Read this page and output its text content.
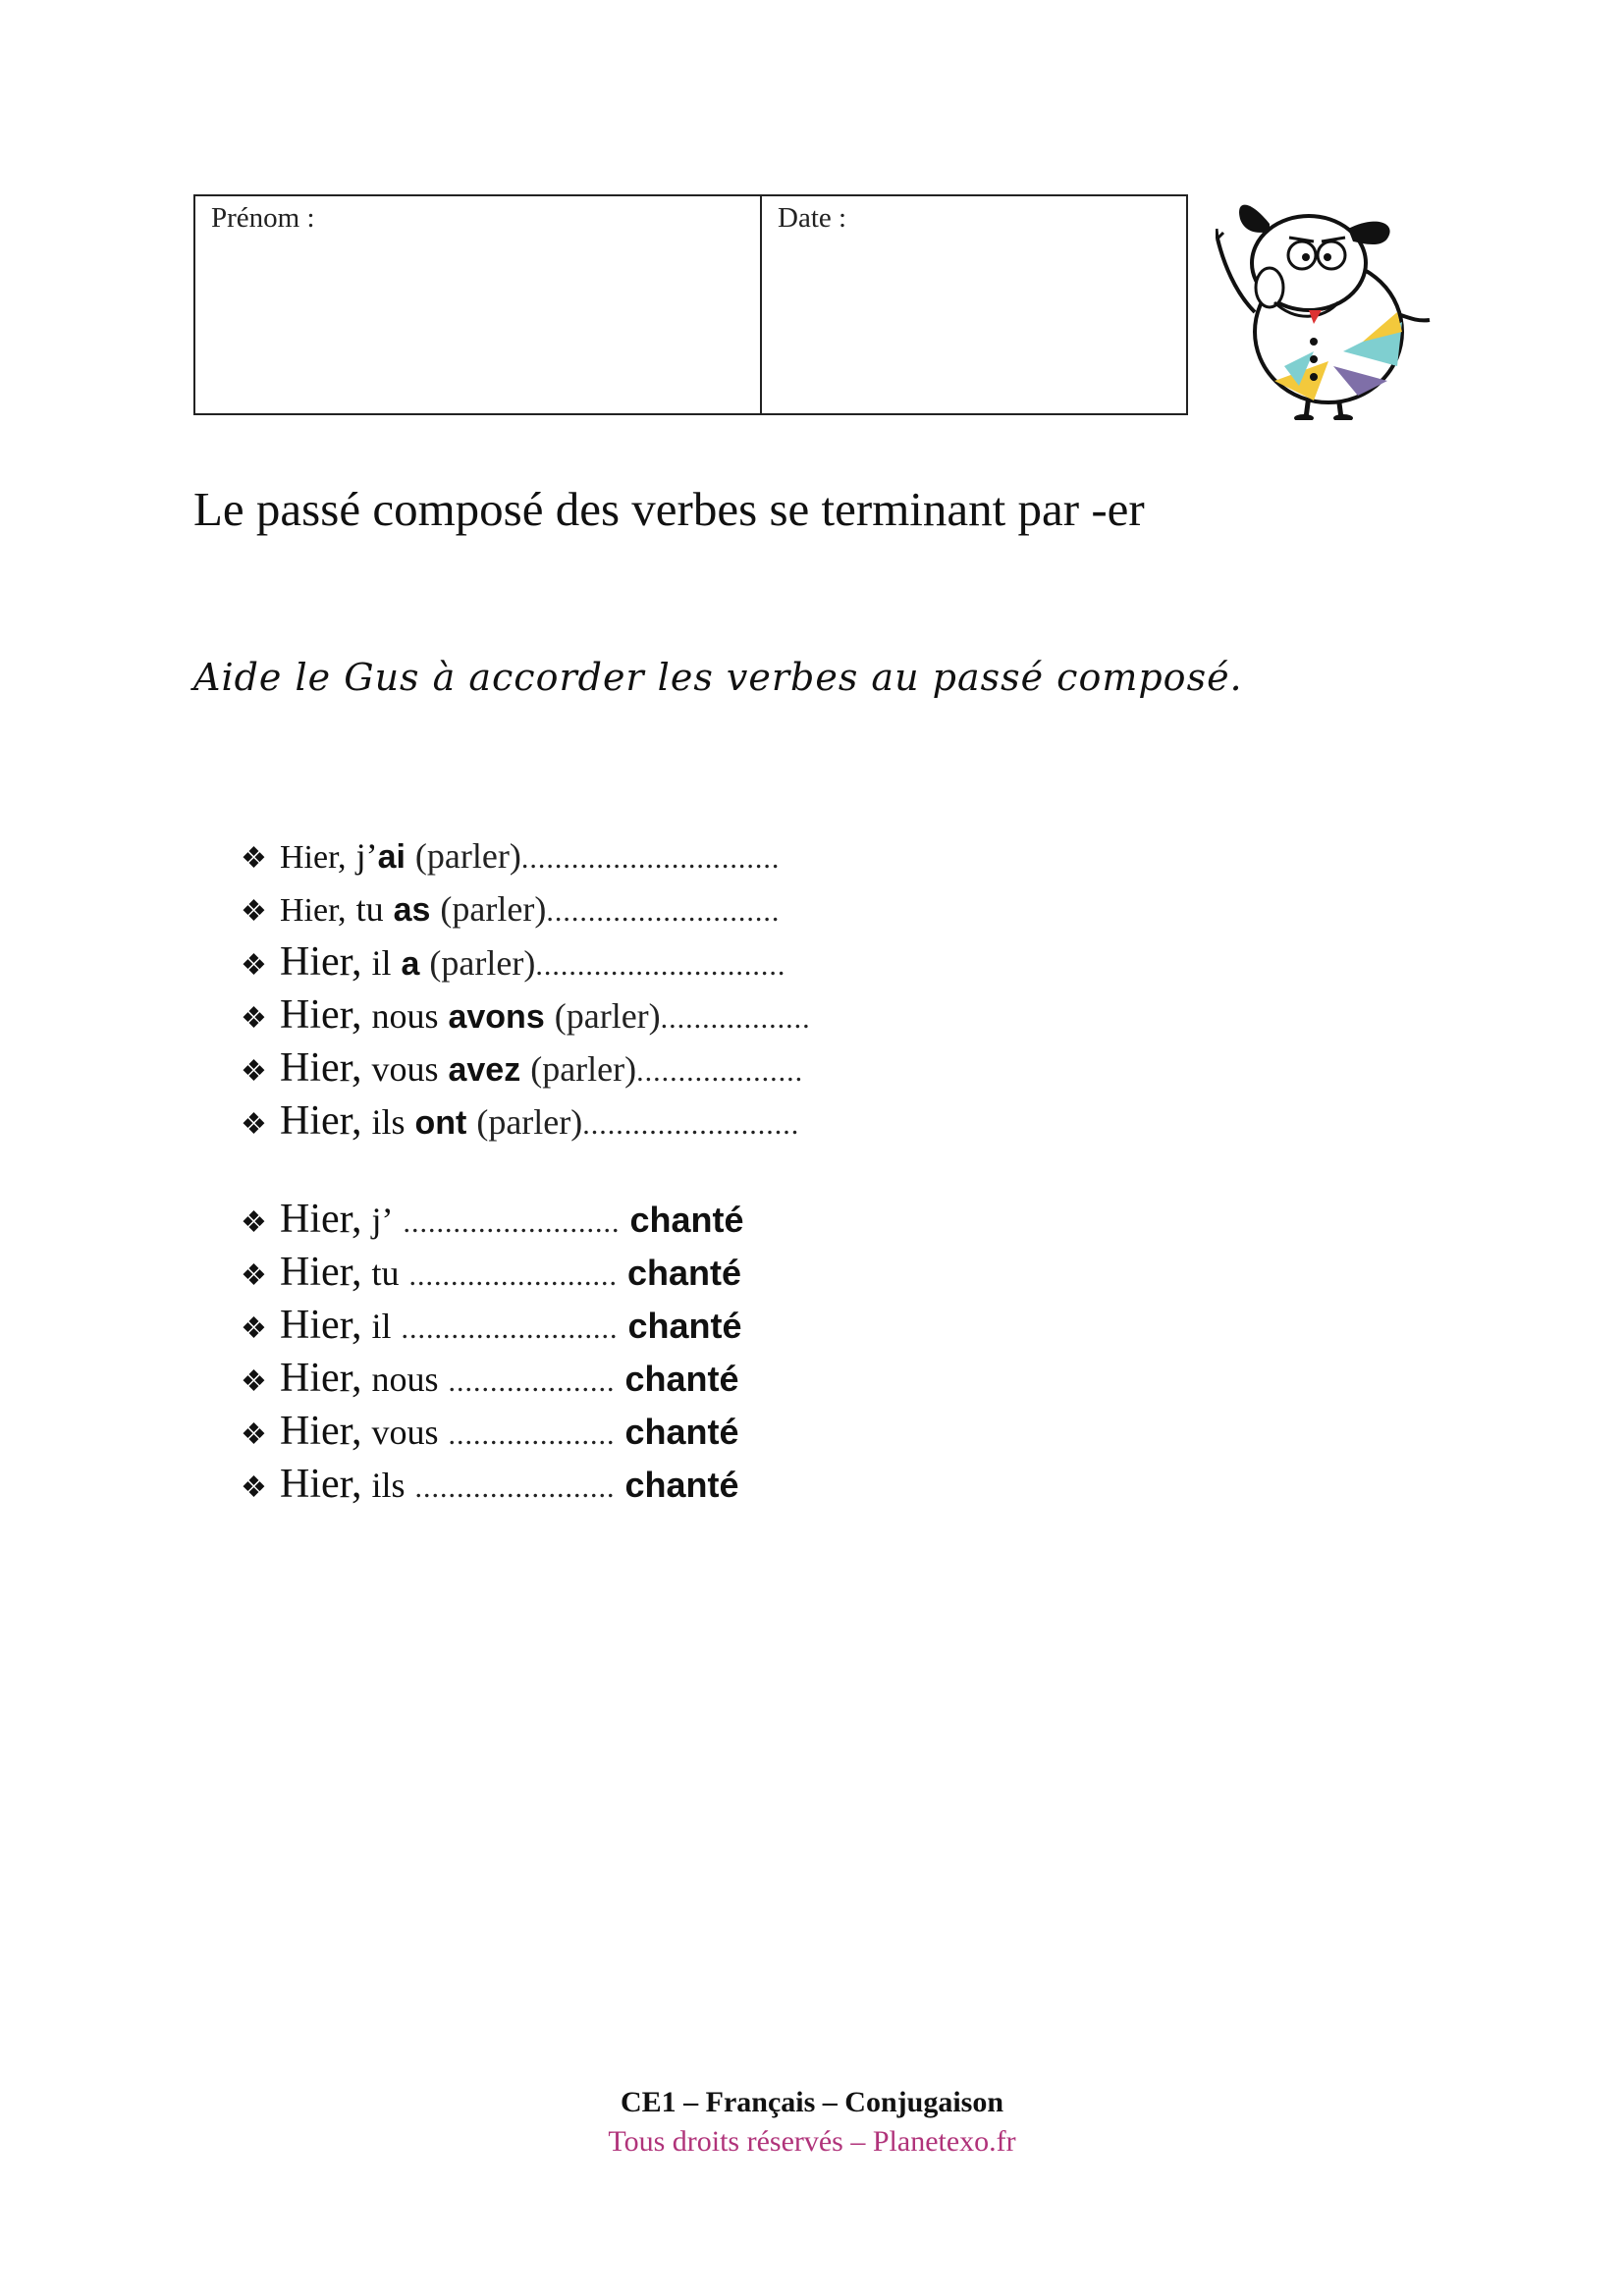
Prénom :	Date :
Le passé composé des verbes se terminant par -er
Aide le Gus à accorder les verbes au passé composé.
❖ Hier, j’ ai (parler) ...............................
❖ Hier, tu as (parler) ............................
❖ Hier, il a (parler) ..............................
❖ Hier, nous avons (parler) ..................
❖ Hier, vous avez (parler) ....................
❖ Hier, ils ont (parler) ..........................
❖ Hier, j’ .......................... chanté
❖ Hier, tu ......................... chanté
❖ Hier, il .......................... chanté
❖ Hier, nous .................... chanté
❖ Hier, vous .................... chanté
❖ Hier, ils ........................ chanté
CE1 – Français – Conjugaison
Tous droits réservés – Planetexo.fr
